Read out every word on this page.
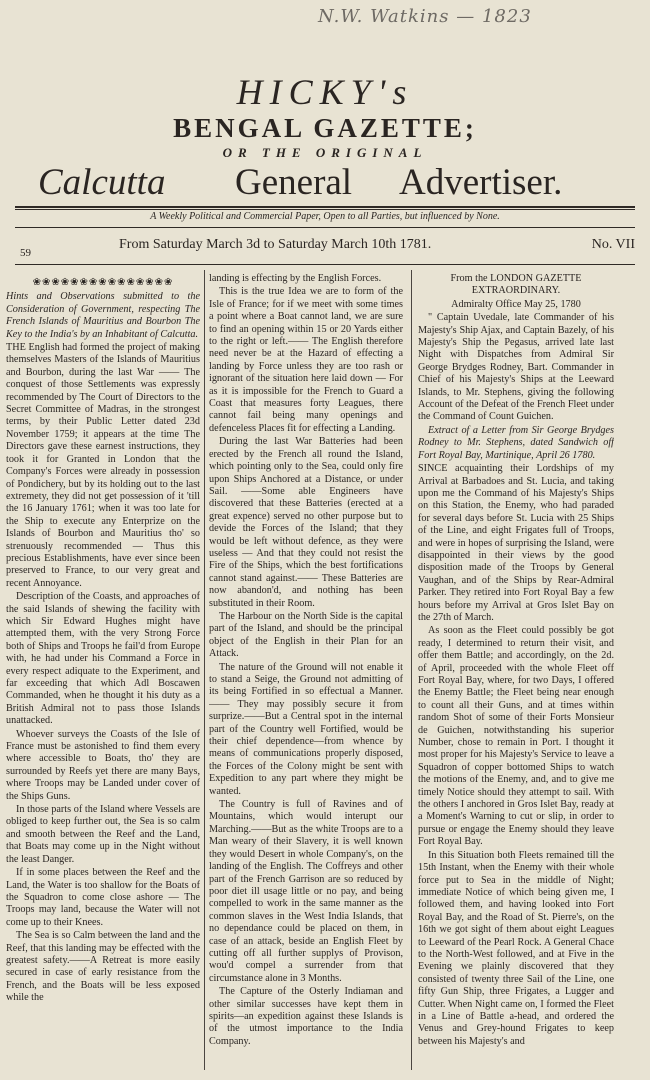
N.W. Watkins — 1823
HICKY's
BENGAL GAZETTE;
OR THE ORIGINAL
Calcutta General Advertiser.
A Weekly Political and Commercial Paper, Open to all Parties, but influenced by None.
59
From Saturday March 3d to Saturday March 10th 1781.	No. VII
❀❀❀❀❀❀❀❀❀❀❀❀❀❀❀

Hints and Observations submitted to the Consideration of Government, respecting The French Islands of Mauritius and Bourbon The Key to the India's by an Inhabitant of Calcutta.

THE English had formed the project of making themselves Masters of the Islands of Mauritius and Bourbon, during the last War —— The conquest of those Settlements was expressly recommended by The Court of Directors to the Secret Committee of Madras, in the strongest terms, by their Public Letter dated 23d November 1759; it appears at the time The Directors gave these earnest instructions, they took it for Granted in London that the Company's Forces were already in possession of Pondichery, but by its holding out to the last extremety, they did not get possession of it 'till the 16 January 1761; when it was too late for the Ship to execute any Enterprize on the Islands of Bourbon and Mauritius tho' so strenuously recommended — Thus this precious Establishments, have ever since been preserved to France, to our very great and recent Annoyance.

Description of the Coasts, and approaches of the said Islands of shewing the facility with which Sir Edward Hughes might have attempted them, with the very Strong Force both of Ships and Troops he fail'd from Europe with, he had under his Command a Force in every respect adiquate to the Experiment, and far exceeding that which Adl Boscawen Commanded, when he thought it his duty as a British Admiral not to pass those Islands unattacked.

Whoever surveys the Coasts of the Isle of France must be astonished to find them every where accessible to Boats, tho' they are surrounded by Reefs yet there are many Bays, where Troops may be Landed under cover of the Ships Guns.

In those parts of the Island where Vessels are obliged to keep further out, the Sea is so calm and smooth between the Reef and the Land, that Boats may come up in the Night without the least Danger.

If in some places between the Reef and the Land, the Water is too shallow for the Boats of the Squadron to come close ashore — The Troops may land, because the Water will not come up to their Knees.

The Sea is so Calm between the land and the Reef, that this landing may be effected with the greatest safety.——A Retreat is more easily secured in case of early resistance from the French, and the Boats will be less exposed while the

landing is effecting by the English Forces.

This is the true Idea we are to form of the Isle of France; for if we meet with some times a point where a Boat cannot land, we are sure to find an opening within 15 or 20 Yards either to the right or left.—— The English therefore need never be at the Hazard of effecting a landing by Force unless they are too rash or ignorant of the situation here laid down — For as it is impossible for the French to Guard a Coast that measures forty Leagues, there cannot fail being many openings and defenceless Places fit for effecting a Landing.

During the last War Batteries had been erected by the French all round the Island, which pointing only to the Sea, could only fire upon Ships Anchored at a Distance, or under Sail. ——Some able Engineers have discovered that these Batteries (erected at a great expence) served no other purpose but to devide the Forces of the Island; that they would be left without defence, as they were useless — And that they could not resist the Fire of the Ships, which the best fortifications cannot stand against.—— These Batteries are now abandon'd, and nothing has been substituted in their Room.

The Harbour on the North Side is the capital part of the Island, and should be the principal object of the English in their Plan for an Attack.

The nature of the Ground will not enable it to stand a Seige, the Ground not admitting of its being Fortified in so effectual a Manner.—— They may possibly secure it from surprize.——But a Central spot in the internal part of the Country well Fortified, would be their chief dependence—from whence by means of communications properly disposed, the Forces of the Colony might be sent with Expedition to any part where they might be wanted.

The Country is full of Ravines and of Mountains, which would interupt our Marching.——But as the white Troops are to a Man weary of their Slavery, it is well known they would Desert in whole Company's, on the landing of the English. The Coffreys and other part of the French Garrison are so reduced by poor diet ill usage little or no pay, and being compelled to work in the same manner as the common slaves in the West India Islands, that no dependance could be placed on them, in case of an attack, beside an English Fleet by cutting off all further supplys of Provison, wou'd compel a surrender from that circumstance alone in 3 Months.

The Capture of the Osterly Indiaman and other similar successes have kept them in spirits—an expedition against these Islands is of the utmost importance to the India Company.

From the LONDON GAZETTE EXTRAORDINARY.

Admiralty Office May 25, 1780

" Captain Uvedale, late Commander of his Majesty's Ship Ajax, and Captain Bazely, of his Majesty's Ship the Pegasus, arrived late last Night with Dispatches from Admiral Sir George Brydges Rodney, Bart. Commander in Chief of his Majesty's Ships at the Leeward Islands, to Mr. Stephens, giving the following Account of the Defeat of the French Fleet under the Command of Count Guichen.

Extract of a Letter from Sir George Brydges Rodney to Mr. Stephens, dated Sandwich off Fort Royal Bay, Martinique, April 26 1780.

SINCE acquainting their Lordships of my Arrival at Barbadoes and St. Lucia, and taking upon me the Command of his Majesty's Ships on this Station, the Enemy, who had paraded for several days before St. Lucia with 25 Ships of the Line, and eight Frigates full of Troops, and were in hopes of surprising the Island, were disappointed in their views by the good disposition made of the Troops by General Vaughan, and of the Ships by Rear-Admiral Parker. They retired into Fort Royal Bay a few hours before my Arrival at Gros Islet Bay on the 27th of March.

As soon as the Fleet could possibly be got ready, I determined to return their visit, and offer them Battle; and accordingly, on the 2d. of April, proceeded with the whole Fleet off Fort Royal Bay, where, for two Days, I offered the Enemy Battle; the Fleet being near enough to count all their Guns, and at times within random Shot of some of their Forts Monsieur de Guichen, notwithstanding his superior Number, chose to remain in Port. I thought it most proper for his Majesty's Service to leave a Squadron of copper bottomed Ships to watch the motions of the Enemy, and, and to give me timely Notice should they attempt to sail. With the others I anchored in Gros Islet Bay, ready at a Moment's Warning to cut or slip, in order to pursue or engage the Enemy should they leave Fort Royal Bay.

In this Situation both Fleets remained till the 15th Instant, when the Enemy with their whole force put to Sea in the middle of Night; immediate Notice of which being given me, I followed them, and having looked into Fort Royal Bay, and the Road of St. Pierre's, on the 16th we got sight of them about eight Leagues to Leeward of the Pearl Rock. A General Chace to the North-West followed, and at Five in the Evening we plainly discovered that they consisted of twenty three Sail of the Line, one fifty Gun Ship, three Frigates, a Lugger and Cutter. When Night came on, I formed the Fleet in a Line of Battle a-head, and ordered the Venus and Grey-hound Frigates to keep between his Majesty's and
